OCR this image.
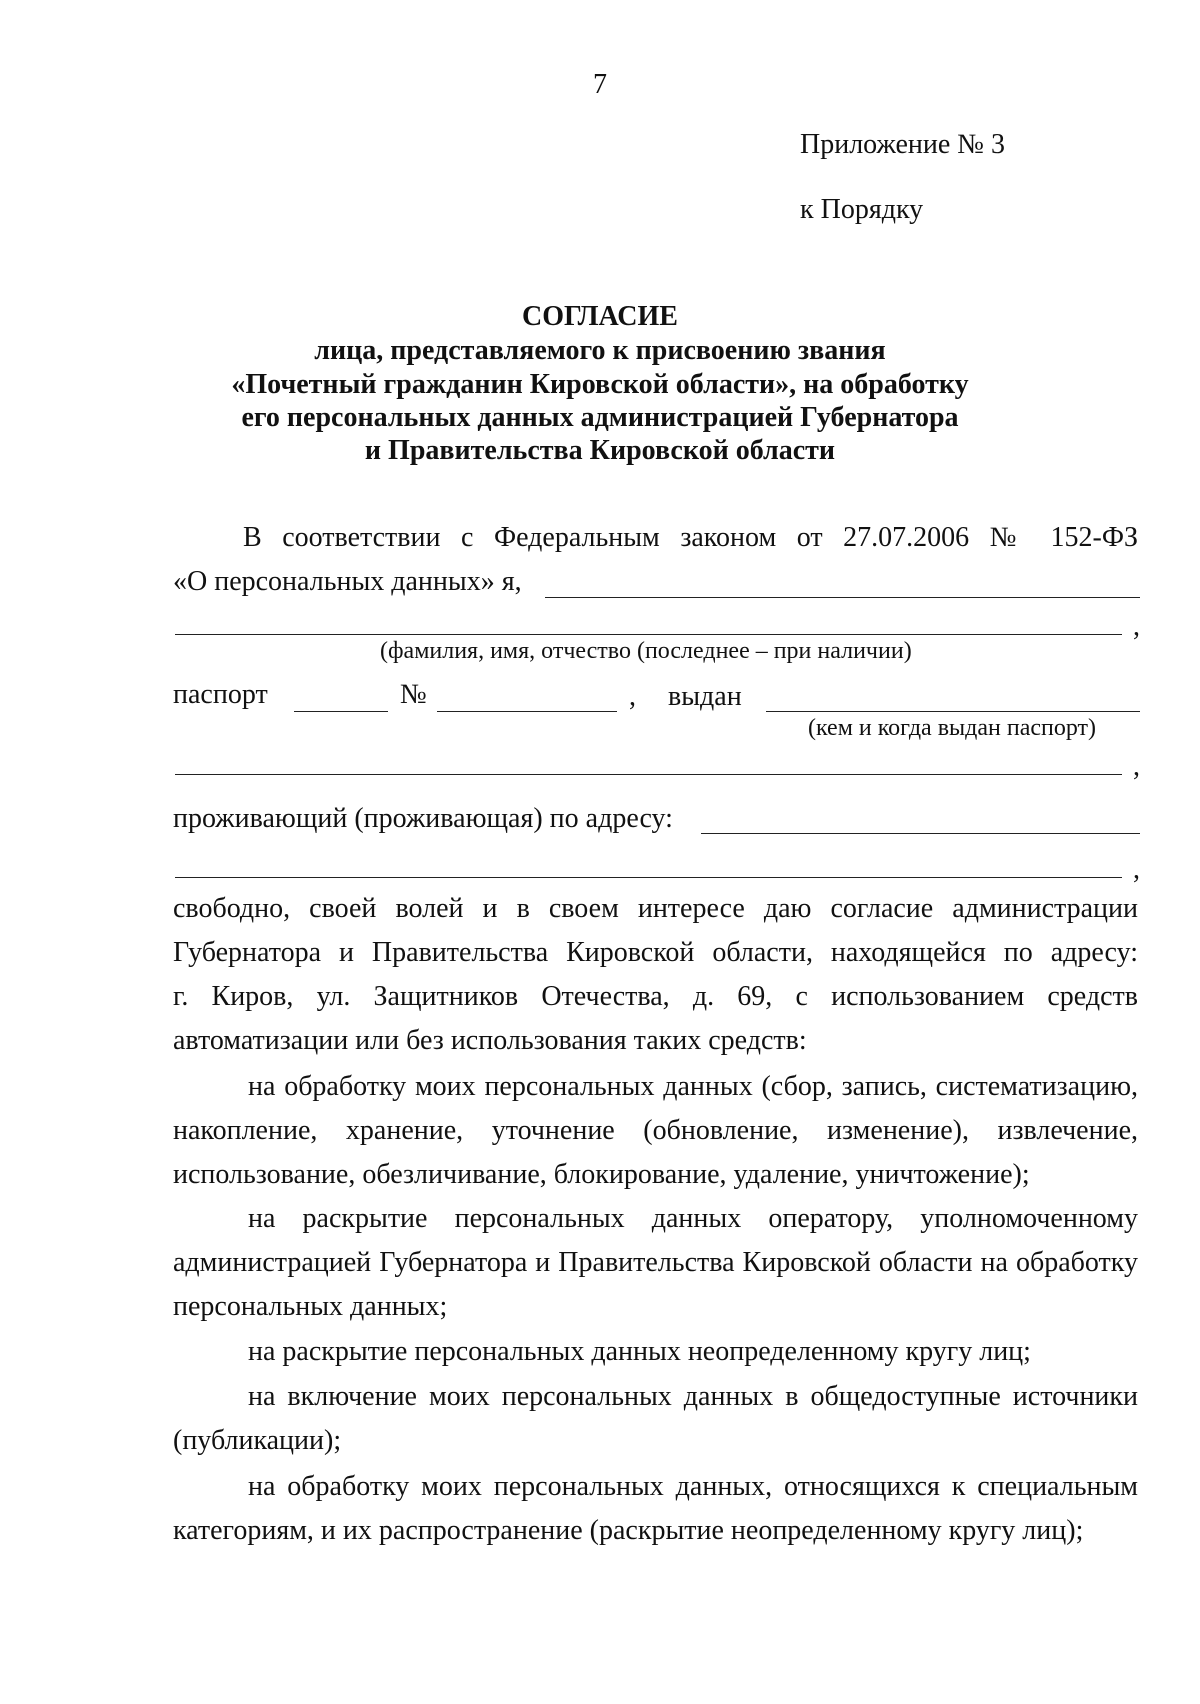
7
Приложение № 3
к Порядку
СОГЛАСИЕ
лица, представляемого к присвоению звания
«Почетный гражданин Кировской области», на обработку
его персональных данных администрацией Губернатора
и Правительства Кировской области
В соответствии с Федеральным законом от 27.07.2006 № 152-ФЗ
«О персональных данных» я,
,
(фамилия, имя, отчество (последнее – при наличии)
паспорт	№	, выдан
(кем и когда выдан паспорт)
,
проживающий (проживающая) по адресу:
,
свободно, своей волей и в своем интересе даю согласие администрации
Губернатора и Правительства Кировской области, находящейся по адресу:
г. Киров, ул. Защитников Отечества, д. 69, с использованием средств
автоматизации или без использования таких средств:
на обработку моих персональных данных (сбор, запись, систематизацию,
накопление, хранение, уточнение (обновление, изменение), извлечение,
использование, обезличивание, блокирование, удаление, уничтожение);
на раскрытие персональных данных оператору, уполномоченному
администрацией Губернатора и Правительства Кировской области на обработку
персональных данных;
на раскрытие персональных данных неопределенному кругу лиц;
на включение моих персональных данных в общедоступные источники
(публикации);
на обработку моих персональных данных, относящихся к специальным
категориям, и их распространение (раскрытие неопределенному кругу лиц);
